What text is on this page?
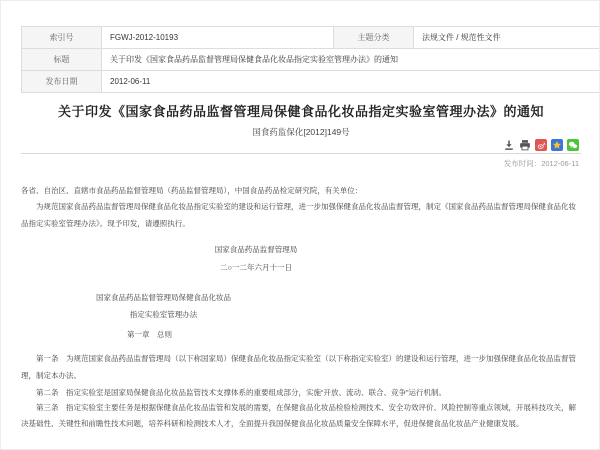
索引号	FGWJ-2012-10193	主题分类	法规文件 / 规范性文件
标题	关于印发《国家食品药品监督管理局保健食品化妆品指定实验室管理办法》的通知		
发布日期	2012-06-11		
关于印发《国家食品药品监督管理局保健食品化妆品指定实验室管理办法》的通知
国食药监保化[2012]149号
发布时间：2012-06-11
各省、自治区、直辖市食品药品监督管理局（药品监督管理局），中国食品药品检定研究院，有关单位：
为规范国家食品药品监督管理局保健食品化妆品指定实验室的建设和运行管理，进一步加强保健食品化妆品监督管理，制定《国家食品药品监督管理局保健食品化妆品指定实验室管理办法》。现予印发，请遵照执行。
国家食品药品监督管理局
二○一二年六月十一日
国家食品药品监督管理局保健食品化妆品
指定实验室管理办法
第一章　总则
第一条　为规范国家食品药品监督管理局（以下称国家局）保健食品化妆品指定实验室（以下称指定实验室）的建设和运行管理，进一步加强保健食品化妆品监督管理，制定本办法。
第二条　指定实验室是国家局保健食品化妆品监管技术支撑体系的重要组成部分，实施“开放、流动、联合、竞争”运行机制。
第三条　指定实验室主要任务是根据保健食品化妆品监管和发展的需要，在保健食品化妆品检验检测技术、安全功效评价、风险控制等重点领域，开展科技攻关，解决基础性、关键性和前瞻性技术问题，培养科研和检测技术人才，全面提升我国保健食品化妆品质量安全保障水平，促进保健食品化妆品产业健康发展。
